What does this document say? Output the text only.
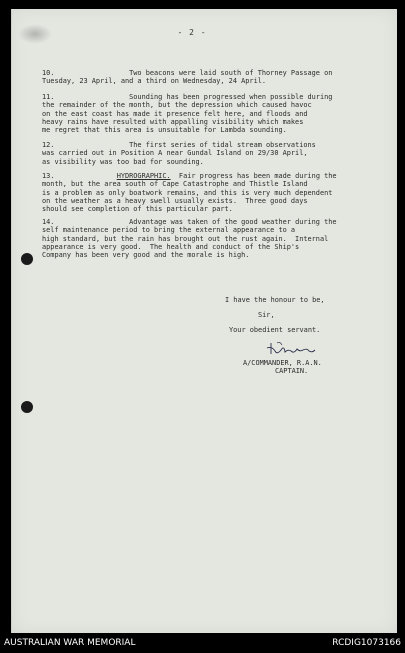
- 2 -
10.                  Two beacons were laid south of Thorney Passage on
Tuesday, 23 April, and a third on Wednesday, 24 April.
11.                  Sounding has been progressed when possible during
the remainder of the month, but the depression which caused havoc
on the east coast has made it presence felt here, and floods and
heavy rains have resulted with appalling visibility which makes
me regret that this area is unsuitable for Lambda sounding.
12.                  The first series of tidal stream observations
was carried out in Position A near Gundal Island on 29/30 April,
as visibility was too bad for sounding.
13.	HYDROGRAPHIC.  Fair progress has been made during the
month, but the area south of Cape Catastrophe and Thistle Island
is a problem as only boatwork remains, and this is very much dependent
on the weather as a heavy swell usually exists.  Three good days
should see completion of this particular part.
14.                  Advantage was taken of the good weather during the
self maintenance period to bring the external appearance to a
high standard, but the rain has brought out the rust again.  Internal
appearance is very good.  The health and conduct of the Ship's
Company has been very good and the morale is high.
I have the honour to be,
Sir,
Your obedient servant.
A/COMMANDER, R.A.N.
CAPTAIN.
AUSTRALIAN WAR MEMORIAL	RCDIG1073166
